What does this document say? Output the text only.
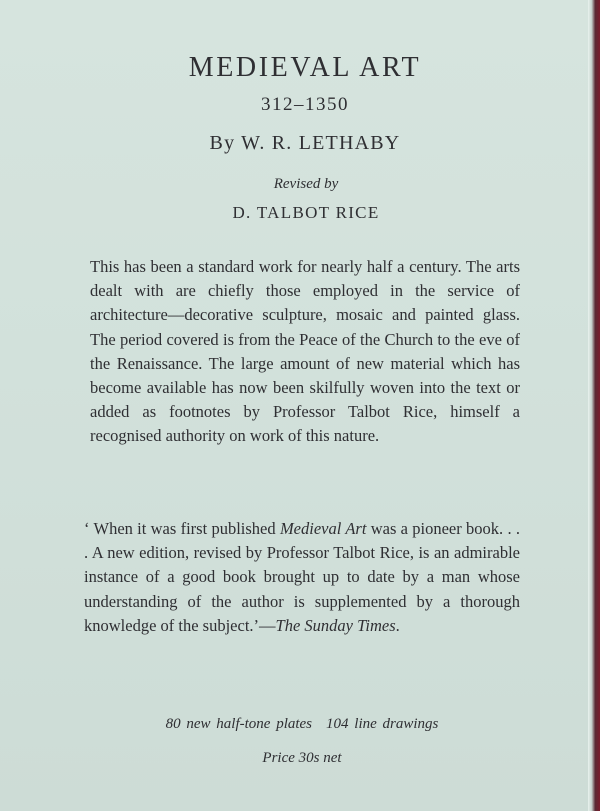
MEDIEVAL ART
312–1350
By W. R. LETHABY
Revised by
D. TALBOT RICE

This has been a standard work for nearly half a century. The arts dealt with are chiefly those employed in the service of architecture—decorative sculpture, mosaic and painted glass. The period covered is from the Peace of the Church to the eve of the Renaissance. The large amount of new material which has become available has now been skilfully woven into the text or added as footnotes by Professor Talbot Rice, himself a recognised authority on work of this nature.

‘ When it was first published Medieval Art was a pioneer book. . . . A new edition, revised by Professor Talbot Rice, is an admirable instance of a good book brought up to date by a man whose understanding of the author is supplemented by a thorough knowledge of the subject.’—The Sunday Times.

80 new half-tone plates 104 line drawings
Price 30s net
